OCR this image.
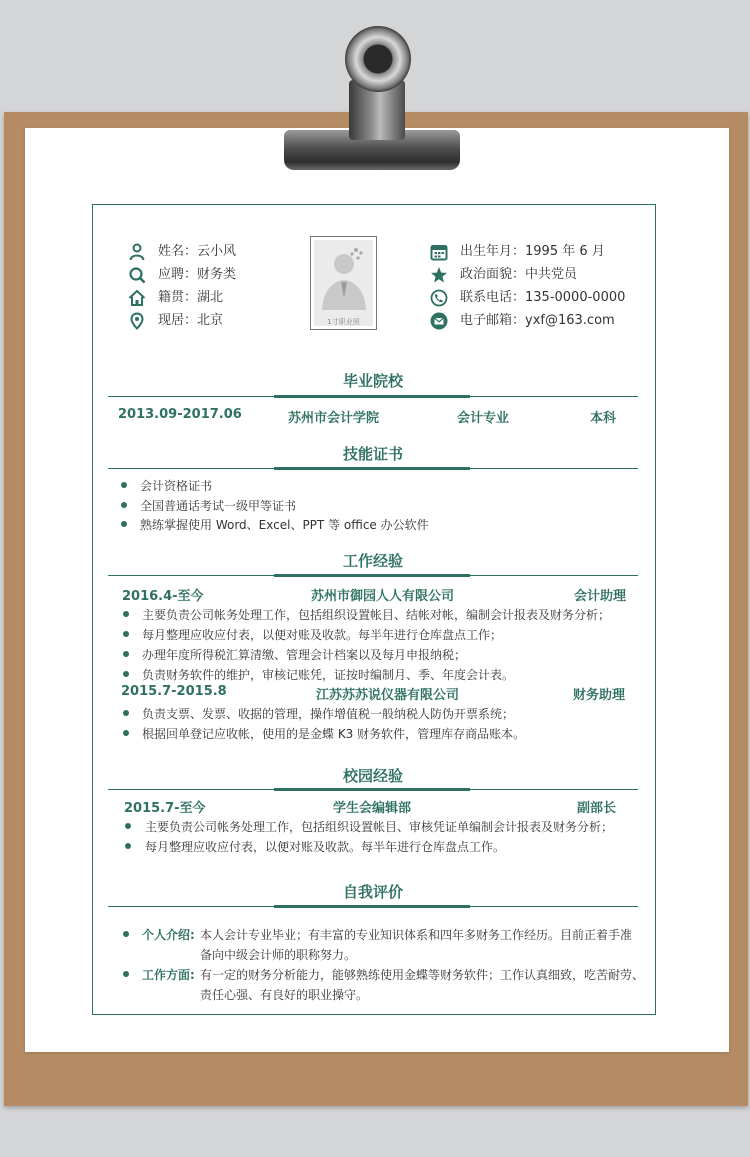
姓名：云小风
应聘：财务类
籍贯：湖北
现居：北京	1寸职业照
出生年月：1995 年 6 月
政治面貌：中共党员
联系电话：135-0000-0000
电子邮箱：yxf@163.com
毕业院校
2013.09-2017.06	苏州市会计学院	会计专业	本科
技能证书
会计资格证书
全国普通话考试一级甲等证书
熟练掌握使用 Word、Excel、PPT 等 office 办公软件
工作经验
2016.4-至今	苏州市御园人人有限公司	会计助理
主要负责公司帐务处理工作，包括组织设置帐目、结帐对帐，编制会计报表及财务分析；
每月整理应收应付表，以便对账及收款。每半年进行仓库盘点工作；
办理年度所得税汇算清缴、管理会计档案以及每月申报纳税；
负责财务软件的维护，审核记账凭，证按时编制月、季、年度会计表。
2015.7-2015.8	江苏苏苏说仪器有限公司	财务助理
负责支票、发票、收据的管理，操作增值税一般纳税人防伪开票系统；
根据回单登记应收帐，使用的是金蝶 K3 财务软件，管理库存商品账本。
校园经验
2015.7-至今	学生会编辑部	副部长
主要负责公司帐务处理工作，包括组织设置帐目、审核凭证单编制会计报表及财务分析；
每月整理应收应付表，以便对账及收款。每半年进行仓库盘点工作。
自我评价
个人介绍: 本人会计专业毕业；有丰富的专业知识体系和四年多财务工作经历。目前正着手准
备向中级会计师的职称努力。
工作方面: 有一定的财务分析能力，能够熟练使用金蝶等财务软件；工作认真细致，吃苦耐劳、
责任心强、有良好的职业操守。
